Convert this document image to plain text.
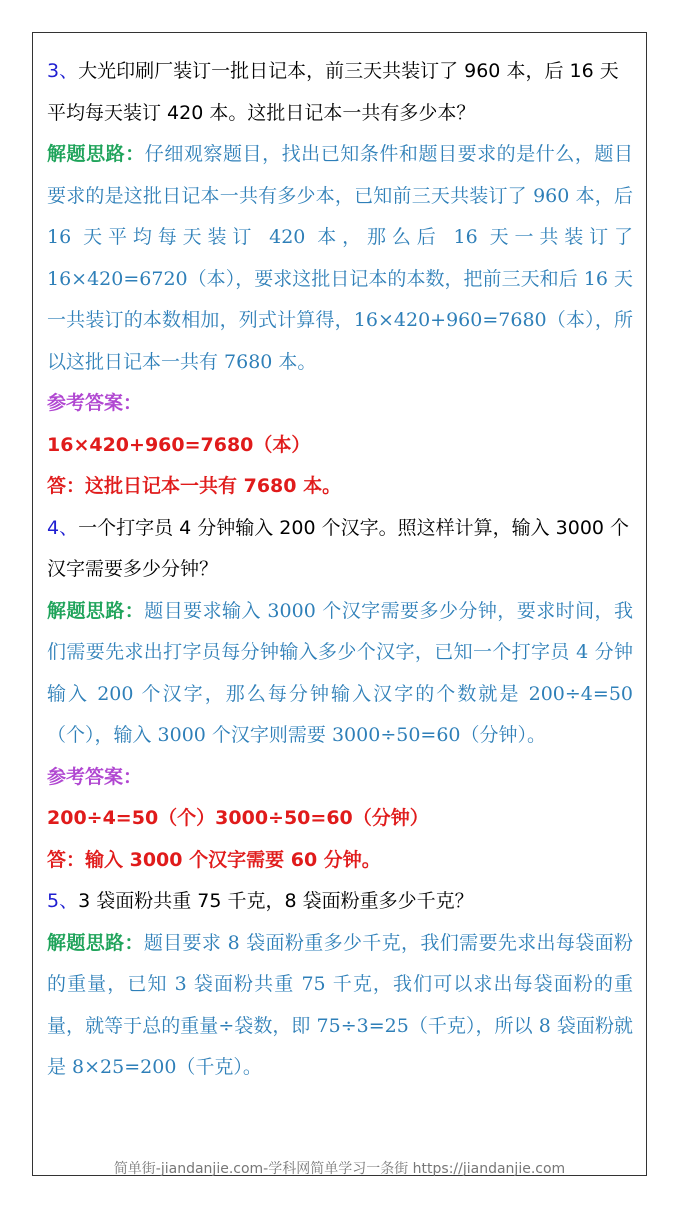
3、大光印刷厂装订一批日记本，前三天共装订了 960 本，后 16 天平均每天装订 420 本。这批日记本一共有多少本？

解题思路：仔细观察题目，找出已知条件和题目要求的是什么，题目要求的是这批日记本一共有多少本，已知前三天共装订了 960 本，后 16 天平均每天装订 420 本，那么后 16 天一共装订了 16×420=6720（本），要求这批日记本的本数，把前三天和后 16 天一共装订的本数相加，列式计算得，16×420+960=7680（本），所以这批日记本一共有 7680 本。

参考答案：

16×420+960=7680（本）

答：这批日记本一共有 7680 本。

4、一个打字员 4 分钟输入 200 个汉字。照这样计算，输入 3000 个汉字需要多少分钟？

解题思路：题目要求输入 3000 个汉字需要多少分钟，要求时间，我们需要先求出打字员每分钟输入多少个汉字，已知一个打字员 4 分钟输入 200 个汉字，那么每分钟输入汉字的个数就是 200÷4=50（个），输入 3000 个汉字则需要 3000÷50=60（分钟）。

参考答案：

200÷4=50（个）3000÷50=60（分钟）

答：输入 3000 个汉字需要 60 分钟。

5、3 袋面粉共重 75 千克，8 袋面粉重多少千克？

解题思路：题目要求 8 袋面粉重多少千克，我们需要先求出每袋面粉的重量，已知 3 袋面粉共重 75 千克，我们可以求出每袋面粉的重量，就等于总的重量÷袋数，即 75÷3=25（千克），所以 8 袋面粉就是 8×25=200（千克）。

简单街-jiandanjie.com-学科网简单学习一条街 https://jiandanjie.com
